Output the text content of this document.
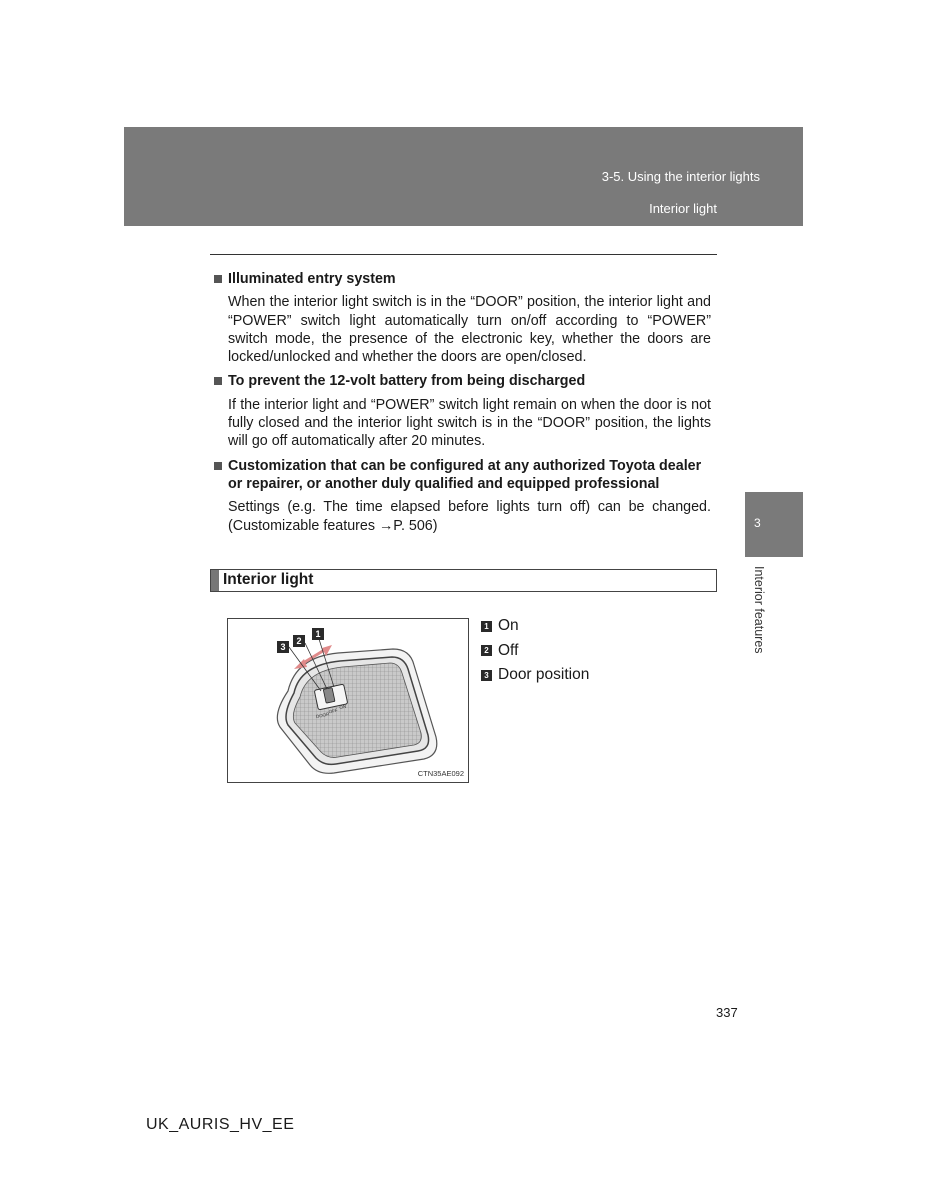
3-5. Using the interior lights
Interior light
Illuminated entry system
When the interior light switch is in the “DOOR” position, the interior light and “POWER” switch light automatically turn on/off according to “POWER” switch mode, the presence of the electronic key, whether the doors are locked/unlocked and whether the doors are open/closed.
To prevent the 12-volt battery from being discharged
If the interior light and “POWER” switch light remain on when the door is not fully closed and the interior light switch is in the “DOOR” position, the lights will go off automatically after 20 minutes.
Customization that can be configured at any authorized Toyota dealer or repairer, or another duly qualified and equipped professional
Settings (e.g. The time elapsed before lights turn off) can be changed. (Customizable features →P. 506)
Interior light
DOOR
OFF
ON
3
2
1
CTN35AE092
1 On
2 Off
3 Door position
3
Interior features
337
UK_AURIS_HV_EE
